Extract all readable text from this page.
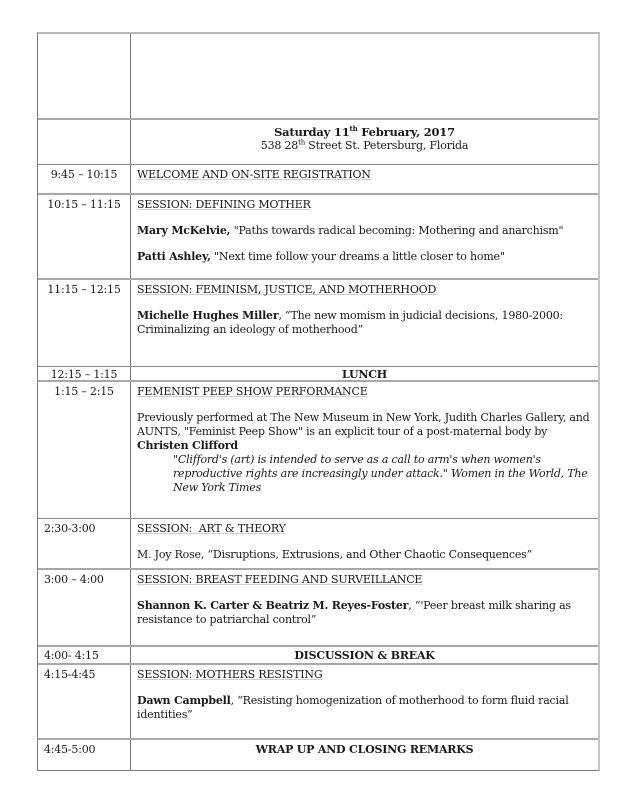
Saturday 11th February, 2017
538 28th Street St. Petersburg, Florida
9:45 – 10:15	WELCOME AND ON-SITE REGISTRATION
10:15 – 11:15	SESSION: DEFINING MOTHER
Mary McKelvie, "Paths towards radical becoming: Mothering and anarchism"
Patti Ashley, "Next time follow your dreams a little closer to home"
11:15 – 12:15	SESSION: FEMINISM, JUSTICE, AND MOTHERHOOD
Michelle Hughes Miller, “The new momism in judicial decisions, 1980-2000: Criminalizing an ideology of motherhood”
12:15 – 1:15	LUNCH
1:15 – 2:15	FEMENIST PEEP SHOW PERFORMANCE
Previously performed at The New Museum in New York, Judith Charles Gallery, and AUNTS, "Feminist Peep Show" is an explicit tour of a post-maternal body by
Christen Clifford
"Clifford's (art) is intended to serve as a call to arm's when women's reproductive rights are increasingly under attack." Women in the World, The New York Times
2:30-3:00	SESSION:  ART & THEORY
M. Joy Rose, “Disruptions, Extrusions, and Other Chaotic Consequences”
3:00 – 4:00	SESSION: BREAST FEEDING AND SURVEILLANCE
Shannon K. Carter & Beatriz M. Reyes-Foster, “'Peer breast milk sharing as resistance to patriarchal control”
4:00- 4:15	DISCUSSION & BREAK
4:15-4:45	SESSION: MOTHERS RESISTING
Dawn Campbell, “Resisting homogenization of motherhood to form fluid racial identities”
4:45-5:00	WRAP UP AND CLOSING REMARKS
